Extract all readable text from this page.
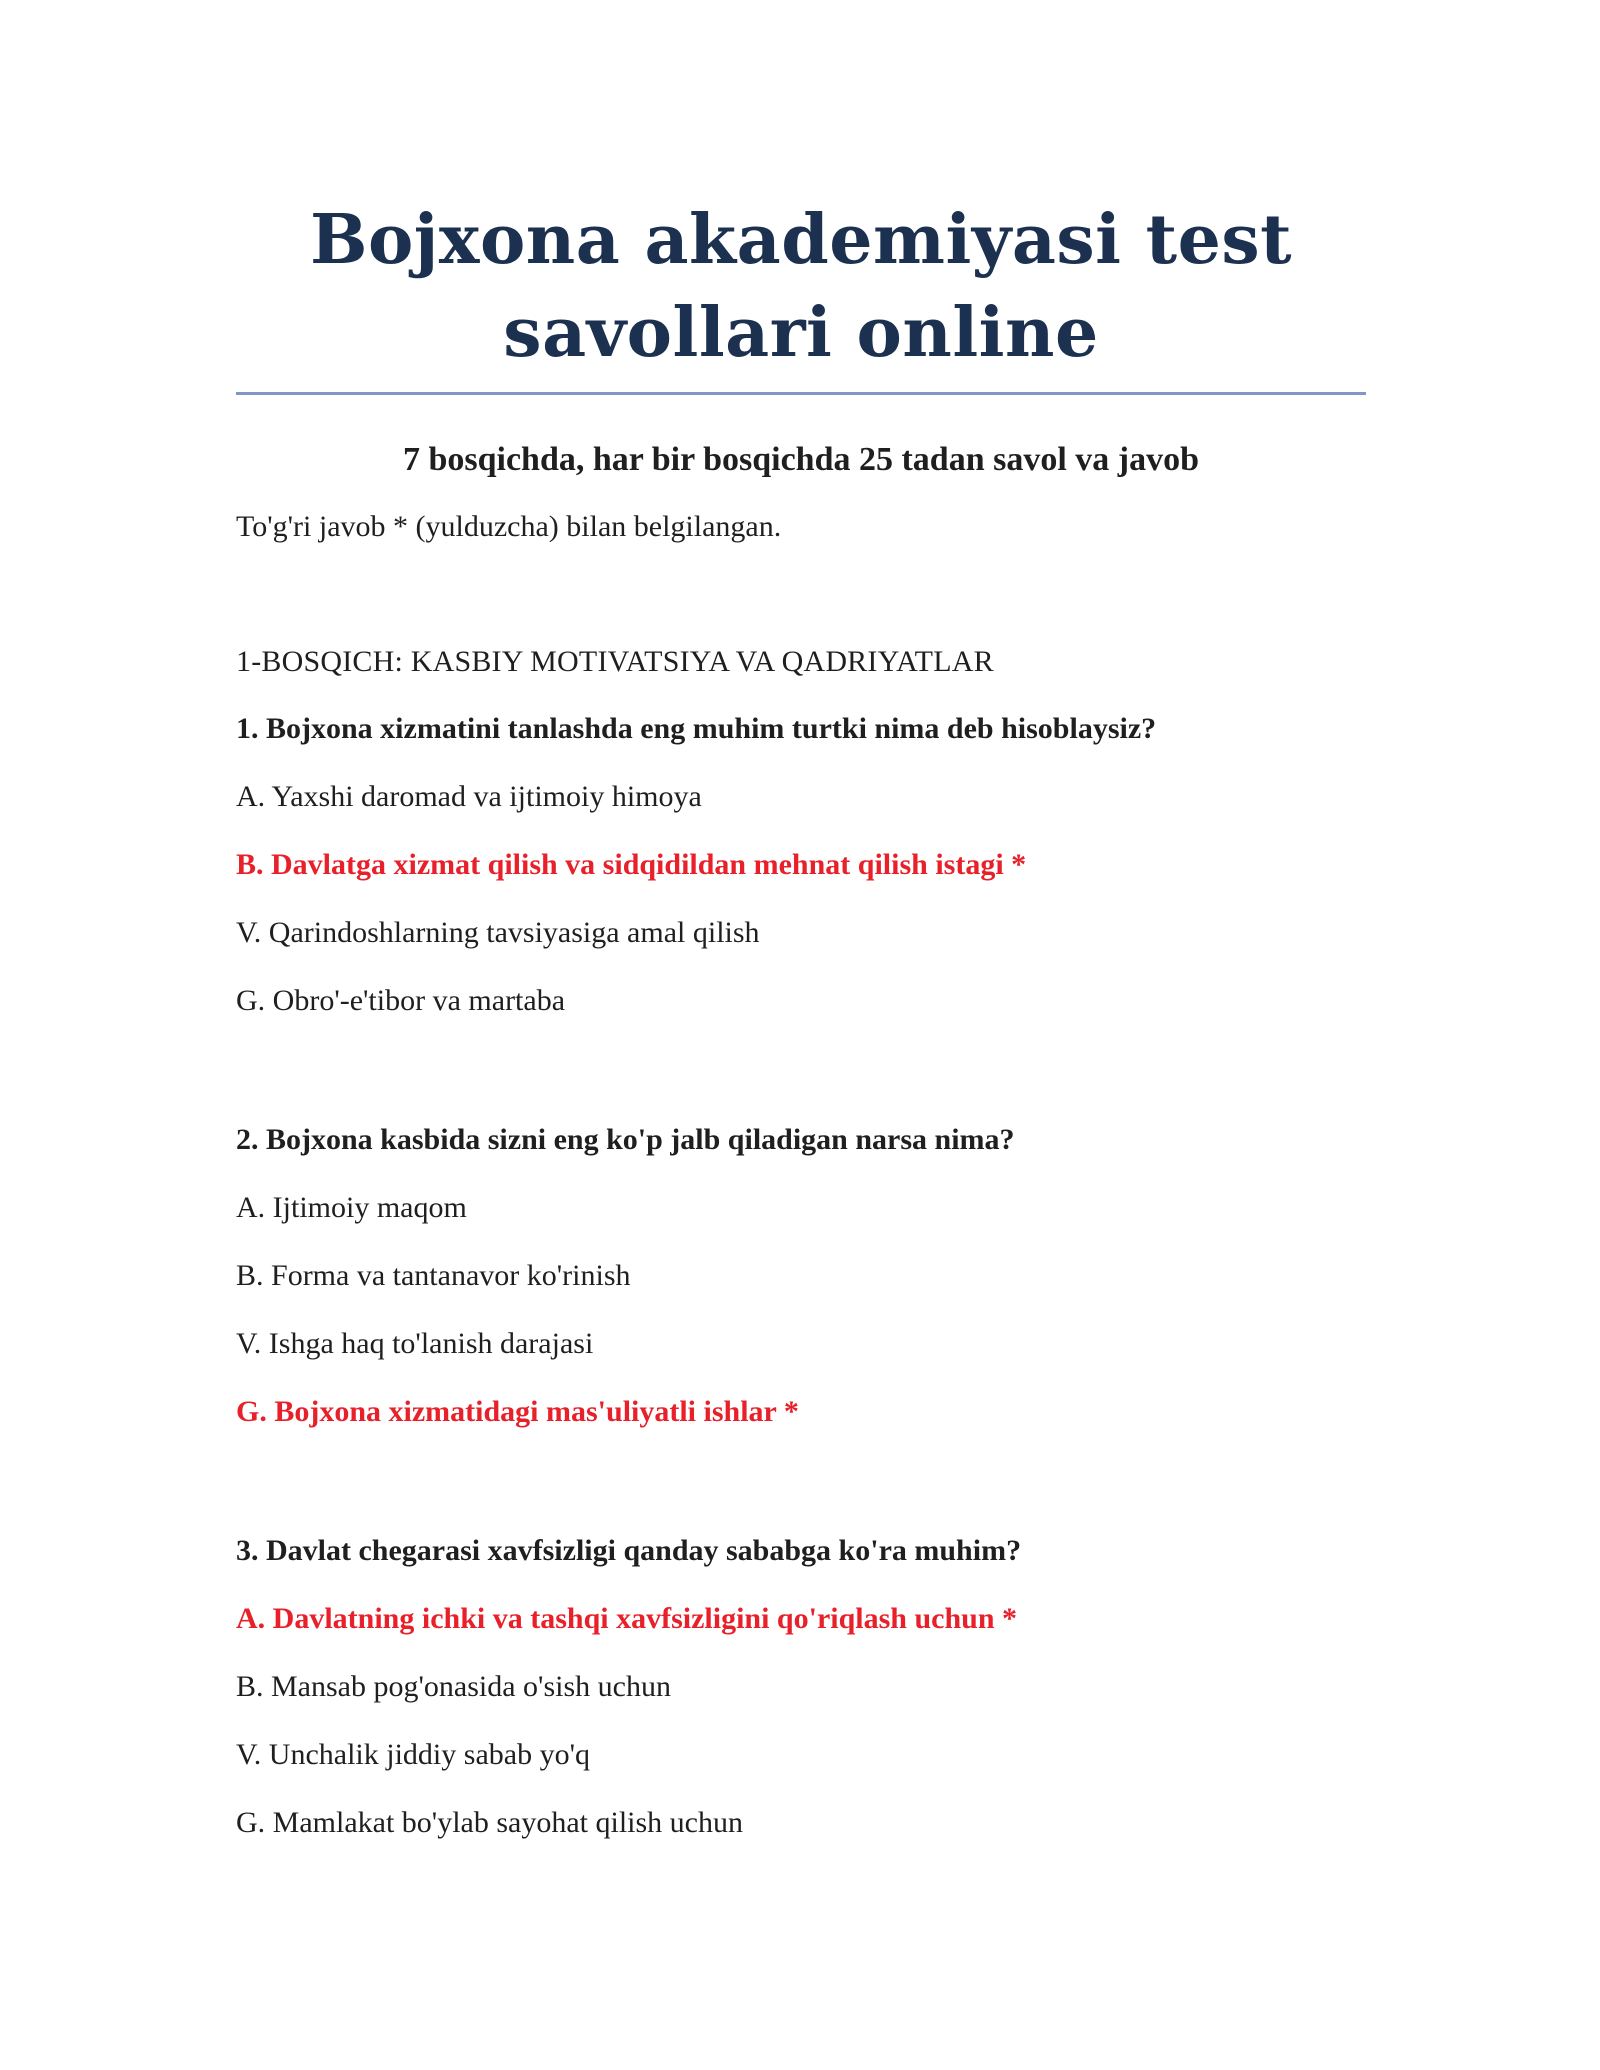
Bojxona akademiyasi test savollari online
7 bosqichda, har bir bosqichda 25 tadan savol va javob
To'g'ri javob * (yulduzcha) bilan belgilangan.
1-BOSQICH: KASBIY MOTIVATSIYA VA QADRIYATLAR
1. Bojxona xizmatini tanlashda eng muhim turtki nima deb hisoblaysiz?
A. Yaxshi daromad va ijtimoiy himoya
B. Davlatga xizmat qilish va sidqidildan mehnat qilish istagi *
V. Qarindoshlarning tavsiyasiga amal qilish
G. Obro'-e'tibor va martaba
2. Bojxona kasbida sizni eng ko'p jalb qiladigan narsa nima?
A. Ijtimoiy maqom
B. Forma va tantanavor ko'rinish
V. Ishga haq to'lanish darajasi
G. Bojxona xizmatidagi mas'uliyatli ishlar *
3. Davlat chegarasi xavfsizligi qanday sababga ko'ra muhim?
A. Davlatning ichki va tashqi xavfsizligini qo'riqlash uchun *
B. Mansab pog'onasida o'sish uchun
V. Unchalik jiddiy sabab yo'q
G. Mamlakat bo'ylab sayohat qilish uchun
